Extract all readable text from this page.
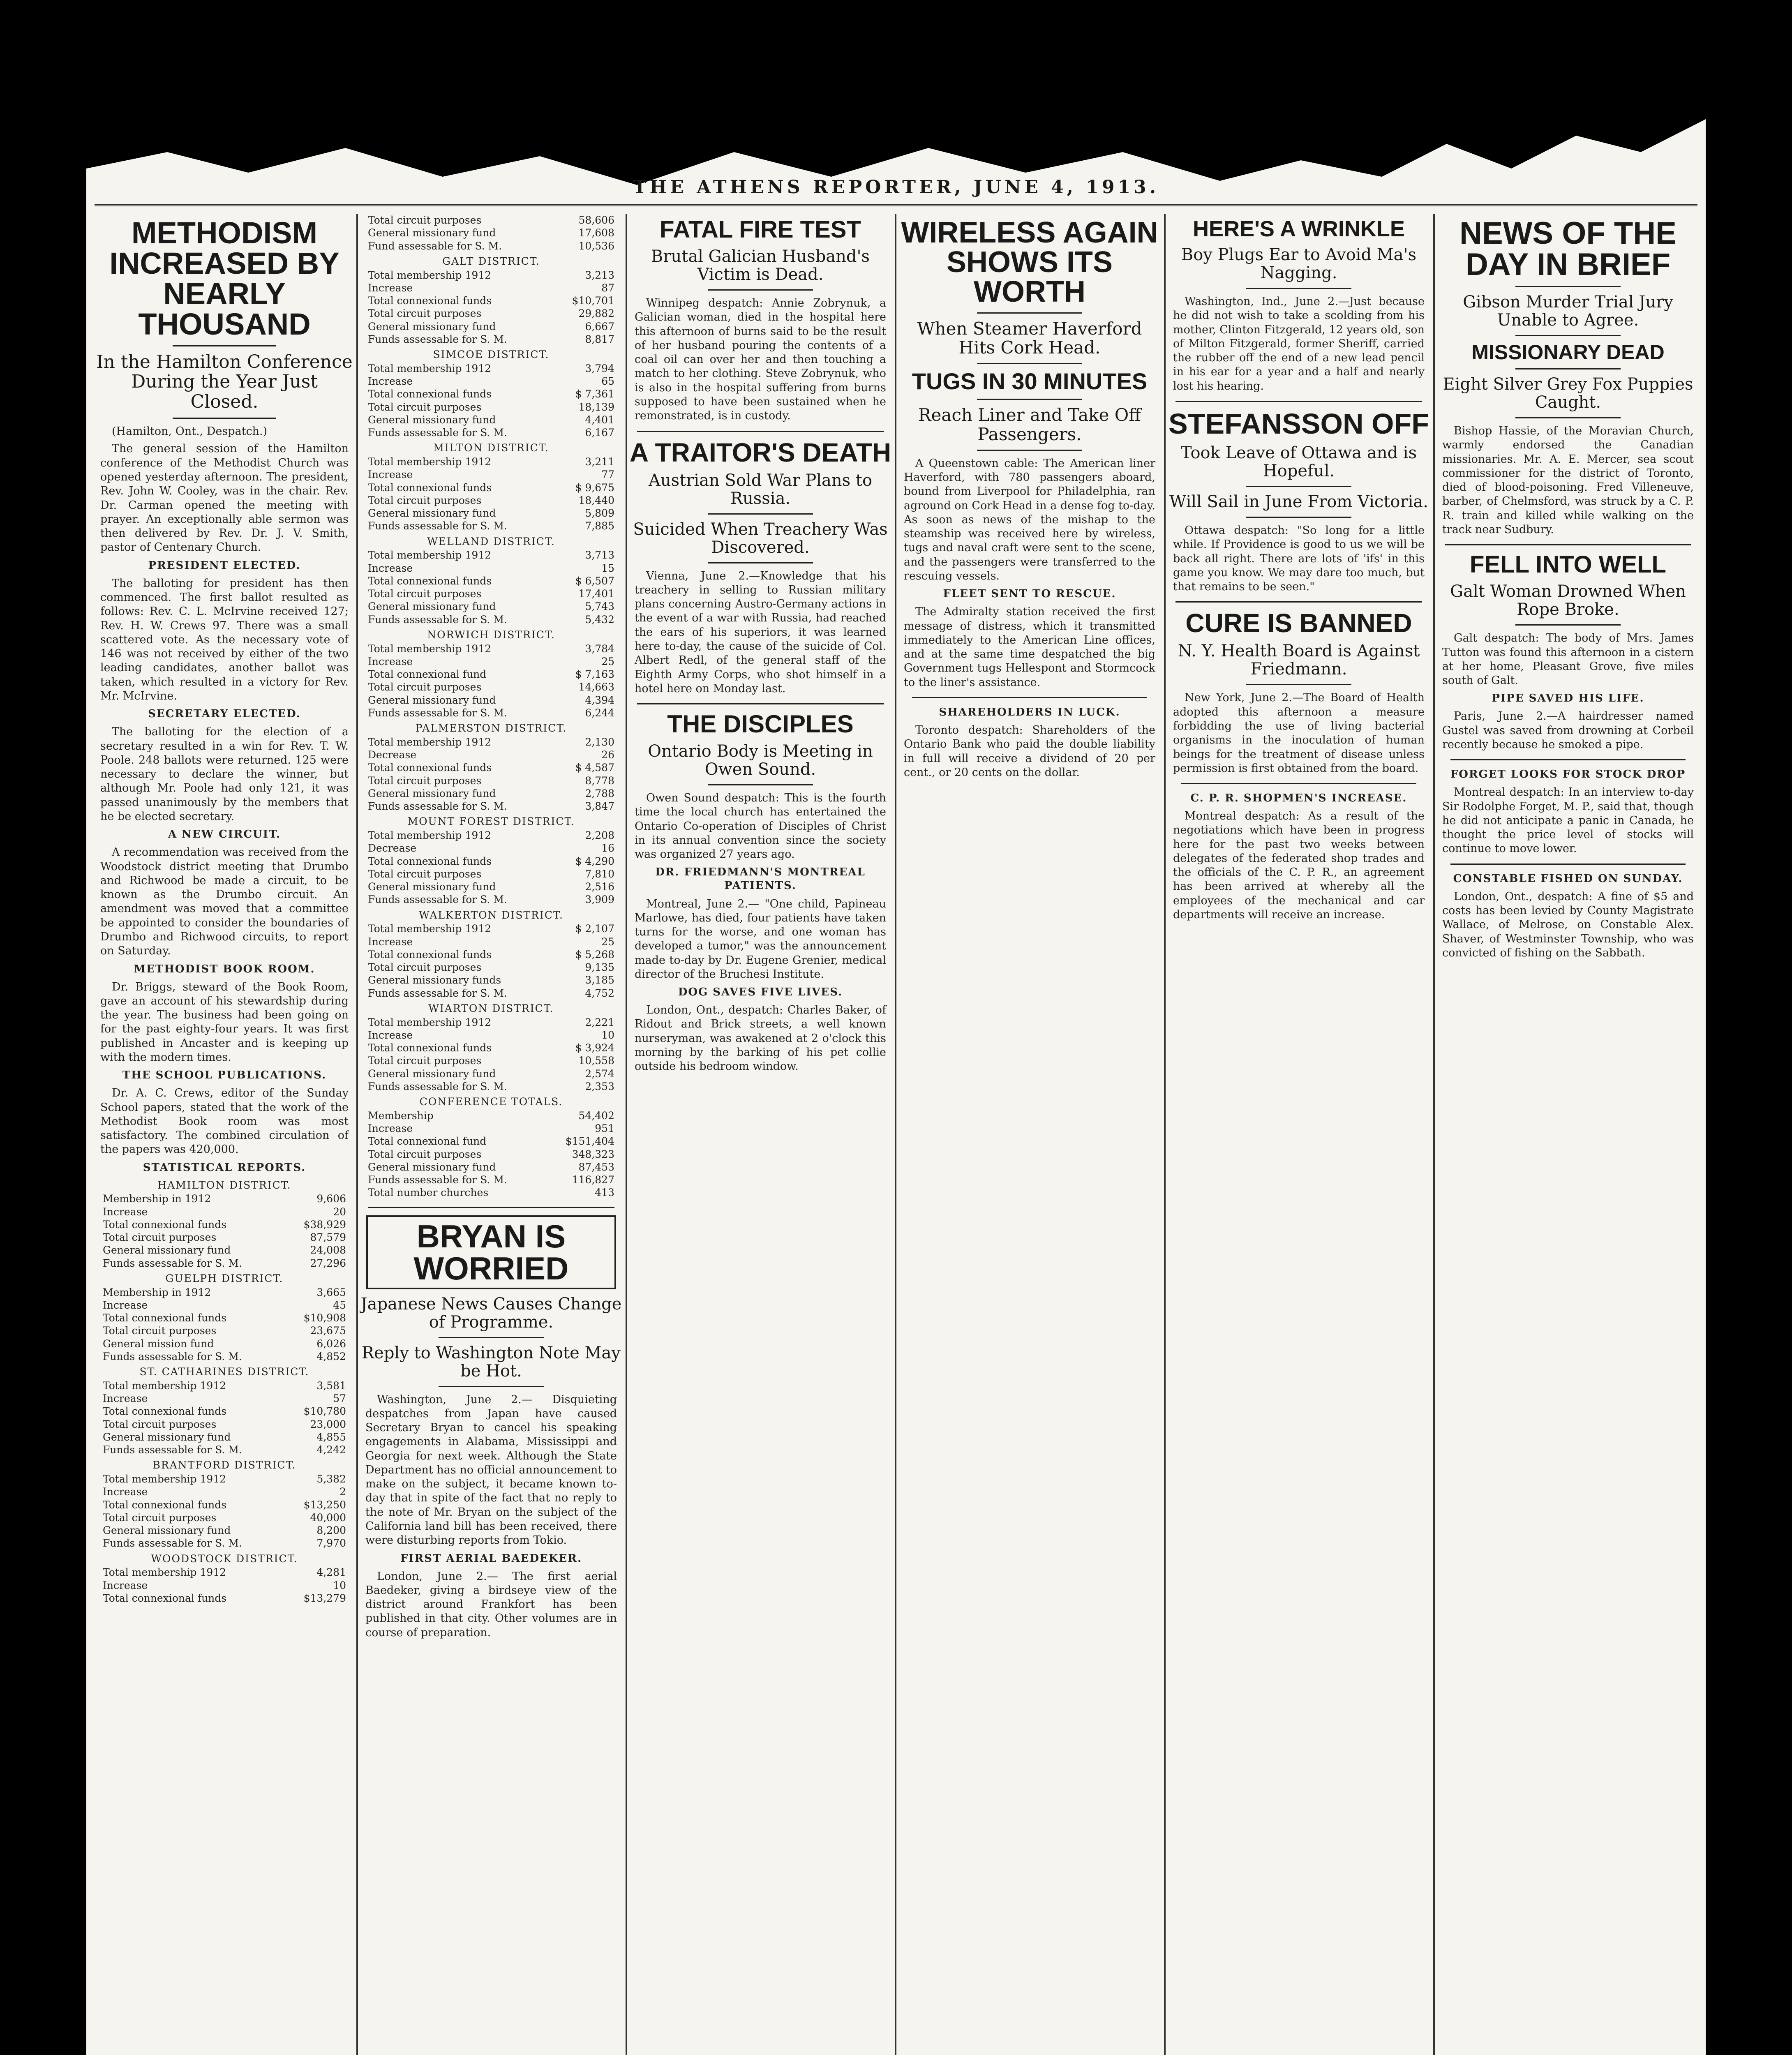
THE ATHENS REPORTER, JUNE 4, 1913.
METHODISM INCREASED BY NEARLY THOUSAND
In the Hamilton Conference During the Year Just Closed.

(Hamilton, Ont., Despatch.)

The general session of the Hamilton conference of the Methodist Church was opened yesterday afternoon. The president, Rev. John W. Cooley, was in the chair. Rev. Dr. Carman opened the meeting with prayer. An exceptionally able sermon was then delivered by Rev. Dr. J. V. Smith, pastor of Centenary Church.

PRESIDENT ELECTED.

The balloting for president has then commenced. The first ballot resulted as follows: Rev. C. L. McIrvine received 127; Rev. H. W. Crews 97. There was a small scattered vote. As the necessary vote of 146 was not received by either of the two leading candidates, another ballot was taken, which resulted in a victory for Rev. Mr. McIrvine.

SECRETARY ELECTED.

The balloting for the election of a secretary resulted in a win for Rev. T. W. Poole. 248 ballots were returned. 125 were necessary to declare the winner, but although Mr. Poole had only 121, it was passed unanimously by the members that he be elected secretary.

A NEW CIRCUIT.

A recommendation was received from the Woodstock district meeting that Drumbo and Richwood be made a circuit, to be known as the Drumbo circuit. An amendment was moved that a committee be appointed to consider the boundaries of Drumbo and Richwood circuits, to report on Saturday.

METHODIST BOOK ROOM.

Dr. Briggs, steward of the Book Room, gave an account of his stewardship during the year. The business had been going on for the past eighty-four years. It was first published in Ancaster and is keeping up with the modern times.

THE SCHOOL PUBLICATIONS.

Dr. A. C. Crews, editor of the Sunday School papers, stated that the work of the Methodist Book room was most satisfactory. The combined circulation of the papers was 420,000.

STATISTICAL REPORTS.
HAMILTON DISTRICT.
Membership in 1912	9,606
Increase	20
Total connexional funds	$38,929
Total circuit purposes	87,579
General missionary fund	24,008
Funds assessable for S. M.	27,296
GUELPH DISTRICT.
Membership in 1912	3,665
Increase	45
Total connexional funds	$10,908
Total circuit purposes	23,675
General mission fund	6,026
Funds assessable for S. M.	4,852
ST. CATHARINES DISTRICT.
Total membership 1912	3,581
Increase	57
Total connexional funds	$10,780
Total circuit purposes	23,000
General missionary fund	4,855
Funds assessable for S. M.	4,242
BRANTFORD DISTRICT.
Total membership 1912	5,382
Increase	2
Total connexional funds	$13,250
Total circuit purposes	40,000
General missionary fund	8,200
Funds assessable for S. M.	7,970
WOODSTOCK DISTRICT.
Total membership 1912	4,281
Increase	10
Total connexional funds	$13,279
Total circuit purposes	58,606
General missionary fund	17,608
Fund assessable for S. M.	10,536
GALT DISTRICT.
Total membership 1912	3,213
Increase	87
Total connexional funds	$10,701
Total circuit purposes	29,882
General missionary fund	6,667
Funds assessable for S. M.	8,817
SIMCOE DISTRICT.
Total membership 1912	3,794
Increase	65
Total connexional funds	$ 7,361
Total circuit purposes	18,139
General missionary fund	4,401
Funds assessable for S. M.	6,167
MILTON DISTRICT.
Total membership 1912	3,211
Increase	77
Total connexional funds	$ 9,675
Total circuit purposes	18,440
General missionary fund	5,809
Funds assessable for S. M.	7,885
WELLAND DISTRICT.
Total membership 1912	3,713
Increase	15
Total connexional funds	$ 6,507
Total circuit purposes	17,401
General missionary fund	5,743
Funds assessable for S. M.	5,432
NORWICH DISTRICT.
Total membership 1912	3,784
Increase	25
Total connexional fund	$ 7,163
Total circuit purposes	14,663
General missionary fund	4,394
Funds assessable for S. M.	6,244
PALMERSTON DISTRICT.
Total membership 1912	2,130
Decrease	26
Total connexional funds	$ 4,587
Total circuit purposes	8,778
General missionary fund	2,788
Funds assessable for S. M.	3,847
MOUNT FOREST DISTRICT.
Total membership 1912	2,208
Decrease	16
Total connexional funds	$ 4,290
Total circuit purposes	7,810
General missionary fund	2,516
Funds assessable for S. M.	3,909
WALKERTON DISTRICT.
Total membership 1912	$ 2,107
Increase	25
Total connexional funds	$ 5,268
Total circuit purposes	9,135
General missionary funds	3,185
Funds assessable for S. M.	4,752
WIARTON DISTRICT.
Total membership 1912	2,221
Increase	10
Total connexional funds	$ 3,924
Total circuit purposes	10,558
General missionary fund	2,574
Funds assessable for S. M.	2,353
CONFERENCE TOTALS.
Membership	54,402
Increase	951
Total connexional fund	$151,404
Total circuit purposes	348,323
General missionary fund	87,453
Funds assessable for S. M.	116,827
Total number churches	413
BRYAN IS WORRIED
Japanese News Causes Change of Programme.
Reply to Washington Note May be Hot.

Washington, June 2.— Disquieting despatches from Japan have caused Secretary Bryan to cancel his speaking engagements in Alabama, Mississippi and Georgia for next week. Although the State Department has no official announcement to make on the subject, it became known to-day that in spite of the fact that no reply to the note of Mr. Bryan on the subject of the California land bill has been received, there were disturbing reports from Tokio.

FIRST AERIAL BAEDEKER.

London, June 2.— The first aerial Baedeker, giving a birdseye view of the district around Frankfort has been published in that city. Other volumes are in course of preparation.

FATAL FIRE TEST
Brutal Galician Husband's Victim is Dead.

Winnipeg despatch: Annie Zobrynuk, a Galician woman, died in the hospital here this afternoon of burns said to be the result of her husband pouring the contents of a coal oil can over her and then touching a match to her clothing. Steve Zobrynuk, who is also in the hospital suffering from burns supposed to have been sustained when he remonstrated, is in custody.

A TRAITOR'S DEATH
Austrian Sold War Plans to Russia.
Suicided When Treachery Was Discovered.

Vienna, June 2.—Knowledge that his treachery in selling to Russian military plans concerning Austro-Germany actions in the event of a war with Russia, had reached the ears of his superiors, it was learned here to-day, the cause of the suicide of Col. Albert Redl, of the general staff of the Eighth Army Corps, who shot himself in a hotel here on Monday last.

THE DISCIPLES
Ontario Body is Meeting in Owen Sound.

Owen Sound despatch: This is the fourth time the local church has entertained the Ontario Co-operation of Disciples of Christ in its annual convention since the society was organized 27 years ago.

DR. FRIEDMANN'S MONTREAL PATIENTS.

Montreal, June 2.— "One child, Papineau Marlowe, has died, four patients have taken turns for the worse, and one woman has developed a tumor," was the announcement made to-day by Dr. Eugene Grenier, medical director of the Bruchesi Institute.

DOG SAVES FIVE LIVES.

London, Ont., despatch: Charles Baker, of Ridout and Brick streets, a well known nurseryman, was awakened at 2 o'clock this morning by the barking of his pet collie outside his bedroom window.

WIRELESS AGAIN SHOWS ITS WORTH
When Steamer Haverford Hits Cork Head.
TUGS IN 30 MINUTES
Reach Liner and Take Off Passengers.

A Queenstown cable: The American liner Haverford, with 780 passengers aboard, bound from Liverpool for Philadelphia, ran aground on Cork Head in a dense fog to-day. As soon as news of the mishap to the steamship was received here by wireless, tugs and naval craft were sent to the scene, and the passengers were transferred to the rescuing vessels.

FLEET SENT TO RESCUE.

The Admiralty station received the first message of distress, which it transmitted immediately to the American Line offices, and at the same time despatched the big Government tugs Hellespont and Stormcock to the liner's assistance.

SHAREHOLDERS IN LUCK.

Toronto despatch: Shareholders of the Ontario Bank who paid the double liability in full will receive a dividend of 20 per cent., or 20 cents on the dollar.

HERE'S A WRINKLE
Boy Plugs Ear to Avoid Ma's Nagging.

Washington, Ind., June 2.—Just because he did not wish to take a scolding from his mother, Clinton Fitzgerald, 12 years old, son of Milton Fitzgerald, former Sheriff, carried the rubber off the end of a new lead pencil in his ear for a year and a half and nearly lost his hearing.

STEFANSSON OFF
Took Leave of Ottawa and is Hopeful.
Will Sail in June From Victoria.

Ottawa despatch: "So long for a little while. If Providence is good to us we will be back all right. There are lots of 'ifs' in this game you know. We may dare too much, but that remains to be seen."

CURE IS BANNED
N. Y. Health Board is Against Friedmann.

New York, June 2.—The Board of Health adopted this afternoon a measure forbidding the use of living bacterial organisms in the inoculation of human beings for the treatment of disease unless permission is first obtained from the board.

C. P. R. SHOPMEN'S INCREASE.

Montreal despatch: As a result of the negotiations which have been in progress here for the past two weeks between delegates of the federated shop trades and the officials of the C. P. R., an agreement has been arrived at whereby all the employees of the mechanical and car departments will receive an increase.

NEWS OF THE DAY IN BRIEF
Gibson Murder Trial Jury Unable to Agree.
MISSIONARY DEAD
Eight Silver Grey Fox Puppies Caught.

Bishop Hassie, of the Moravian Church, warmly endorsed the Canadian missionaries. Mr. A. E. Mercer, sea scout commissioner for the district of Toronto, died of blood-poisoning. Fred Villeneuve, barber, of Chelmsford, was struck by a C. P. R. train and killed while walking on the track near Sudbury.

FELL INTO WELL
Galt Woman Drowned When Rope Broke.

Galt despatch: The body of Mrs. James Tutton was found this afternoon in a cistern at her home, Pleasant Grove, five miles south of Galt.

PIPE SAVED HIS LIFE.

Paris, June 2.—A hairdresser named Gustel was saved from drowning at Corbeil recently because he smoked a pipe.

FORGET LOOKS FOR STOCK DROP

Montreal despatch: In an interview to-day Sir Rodolphe Forget, M. P., said that, though he did not anticipate a panic in Canada, he thought the price level of stocks will continue to move lower.

CONSTABLE FISHED ON SUNDAY.

London, Ont., despatch: A fine of $5 and costs has been levied by County Magistrate Wallace, of Melrose, on Constable Alex. Shaver, of Westminster Township, who was convicted of fishing on the Sabbath.
